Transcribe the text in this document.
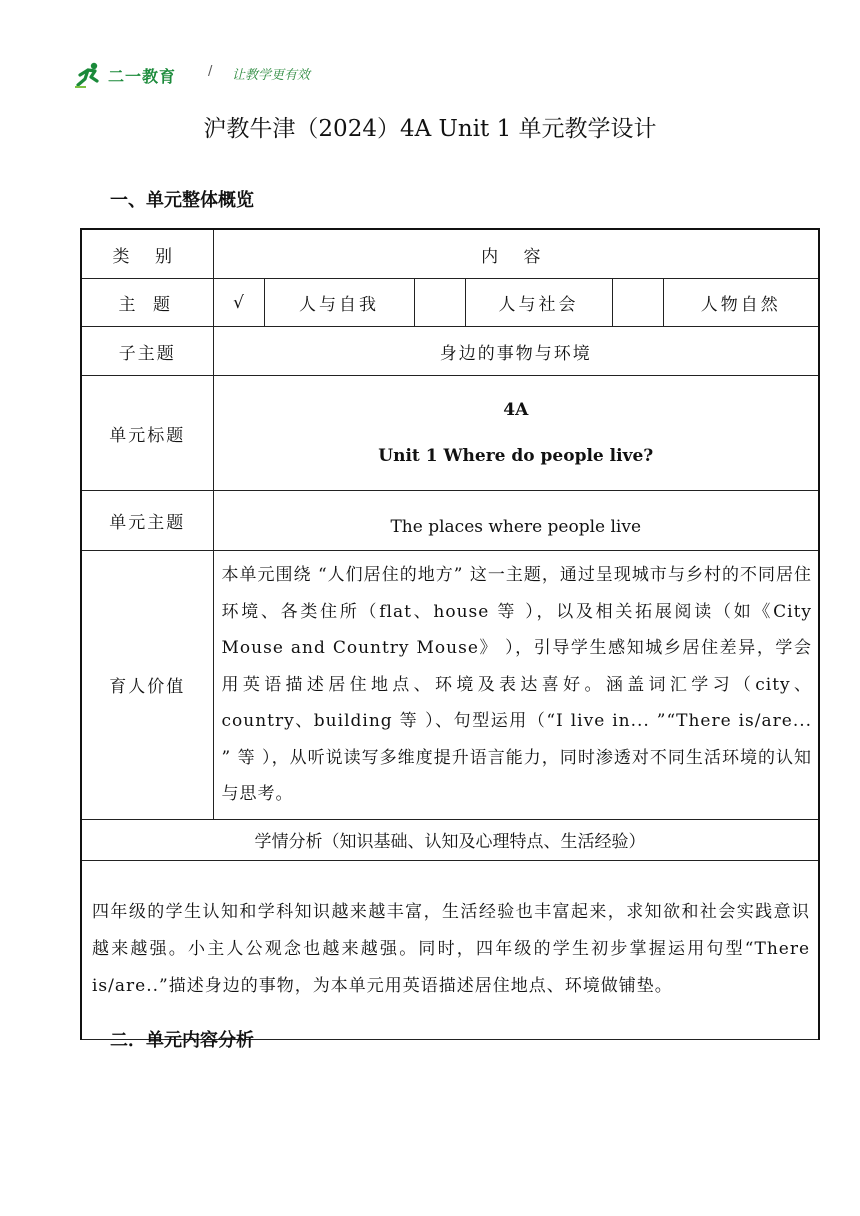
二一教育 / 让教学更有效
沪教牛津（2024）4A Unit 1 单元教学设计
一、单元整体概览
类 别	内 容					
主 题	√	人与自我		人与社会		人物自然
子主题	身边的事物与环境					
单元标题	4A
Unit 1 Where do people live?					

单元主题	The places where people live					
育人价值	本单元围绕 “人们居住的地方” 这一主题，通过呈现城市与乡村的不同居住环境、各类住所（flat、house 等 ），以及相关拓展阅读（如《City Mouse and Country Mouse》 ），引导学生感知城乡居住差异，学会用英语描述居住地点、环境及表达喜好。涵盖词汇学习（city、country、building 等 ）、句型运用（“I live in... ”“There is/are... ” 等 ），从听说读写多维度提升语言能力，同时渗透对不同生活环境的认知与思考。					

学情分析（知识基础、认知及心理特点、生活经验）						

四年级的学生认知和学科知识越来越丰富，生活经验也丰富起来，求知欲和社会实践意识越来越强。小主人公观念也越来越强。同时，四年级的学生初步掌握运用句型“There is/are..”描述身边的事物，为本单元用英语描述居住地点、环境做铺垫。						
二．单元内容分析
